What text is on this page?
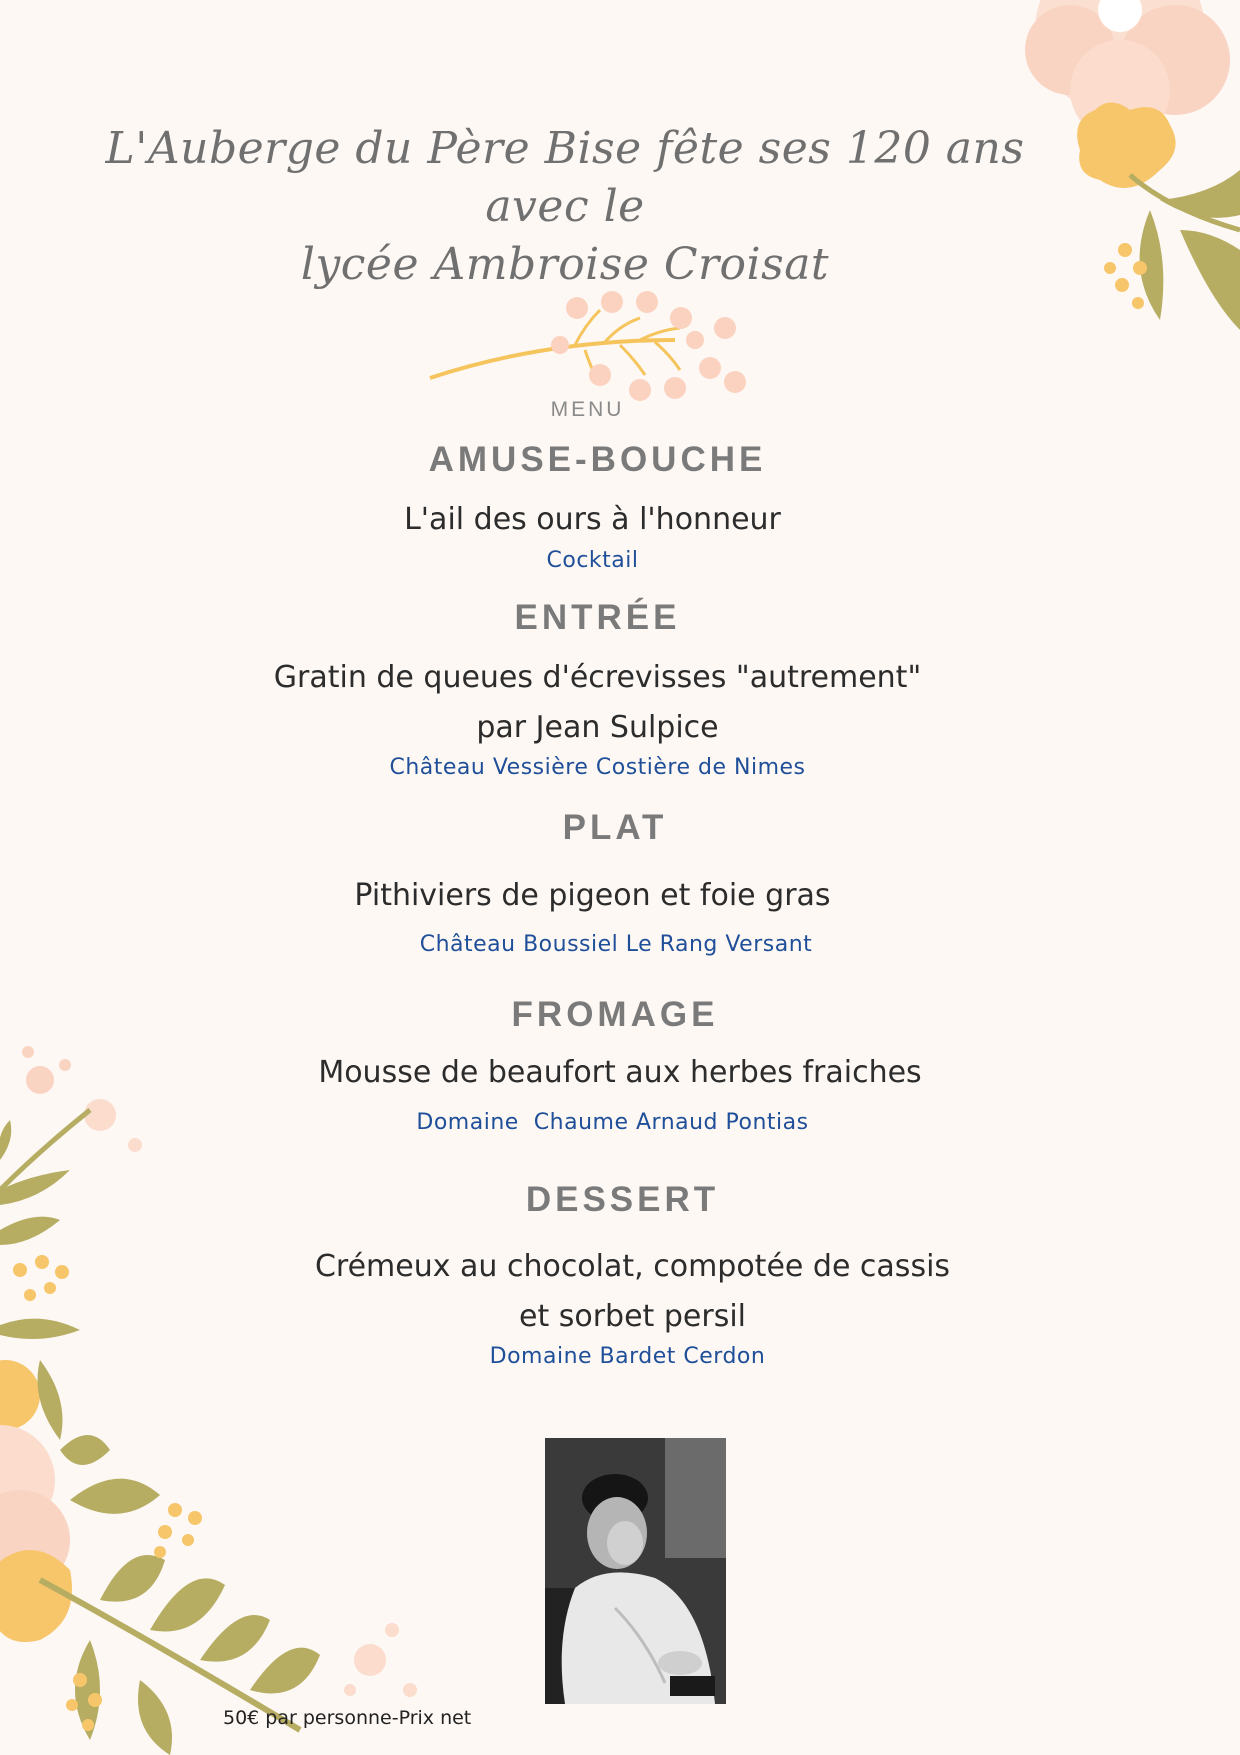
L'Auberge du Père Bise fête ses 120 ans avec le
lycée Ambroise Croisat
MENU
AMUSE-BOUCHE
L'ail des ours à l'honneur
Cocktail
ENTRÉE
Gratin de queues d'écrevisses "autrement"
par Jean Sulpice
Château Vessière Costière de Nimes
PLAT
Pithiviers de pigeon et foie gras
Château Boussiel Le Rang Versant
FROMAGE
Mousse de beaufort aux herbes fraiches
Domaine  Chaume Arnaud Pontias
DESSERT
Crémeux au chocolat, compotée de cassis
et sorbet persil
Domaine Bardet Cerdon
50€ par personne-Prix net
